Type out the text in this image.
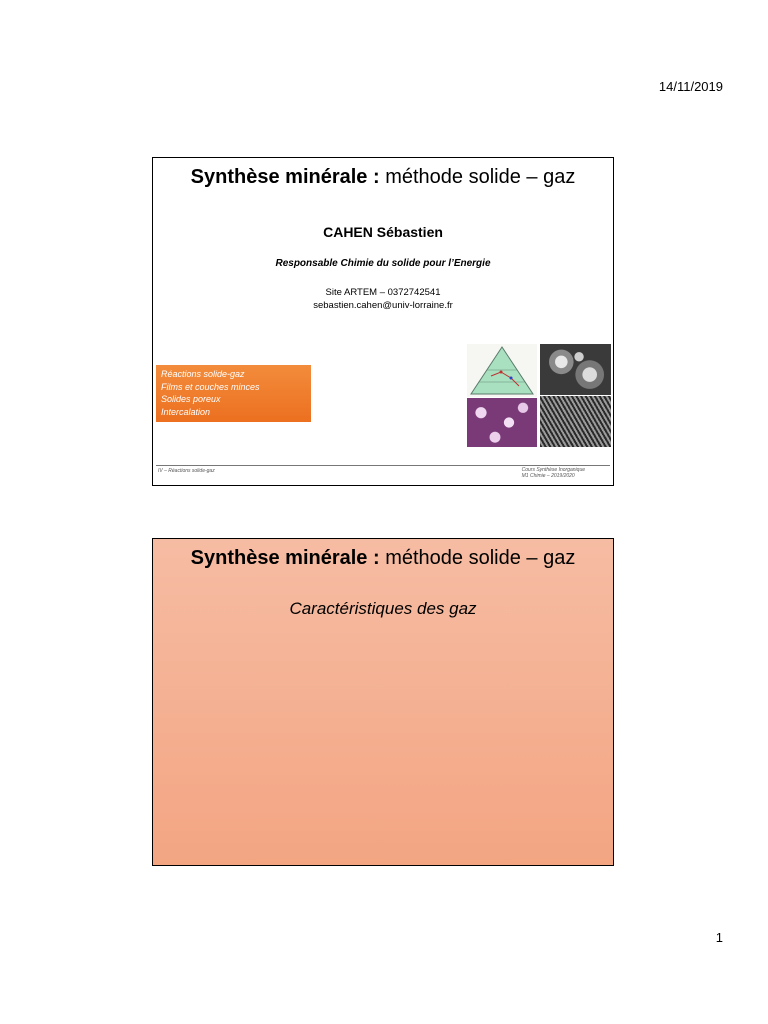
14/11/2019
Synthèse minérale : méthode solide – gaz
CAHEN Sébastien
Responsable Chimie du solide pour l’Energie
Site ARTEM – 0372742541
sebastien.cahen@univ-lorraine.fr
Réactions solide-gaz
Films et couches minces
Solides poreux
Intercalation
IV – Réactions solide-gaz	Cours Synthèse Inorganique
M1 Chimie – 2019/2020
Synthèse minérale : méthode solide – gaz
Caractéristiques des gaz
1
